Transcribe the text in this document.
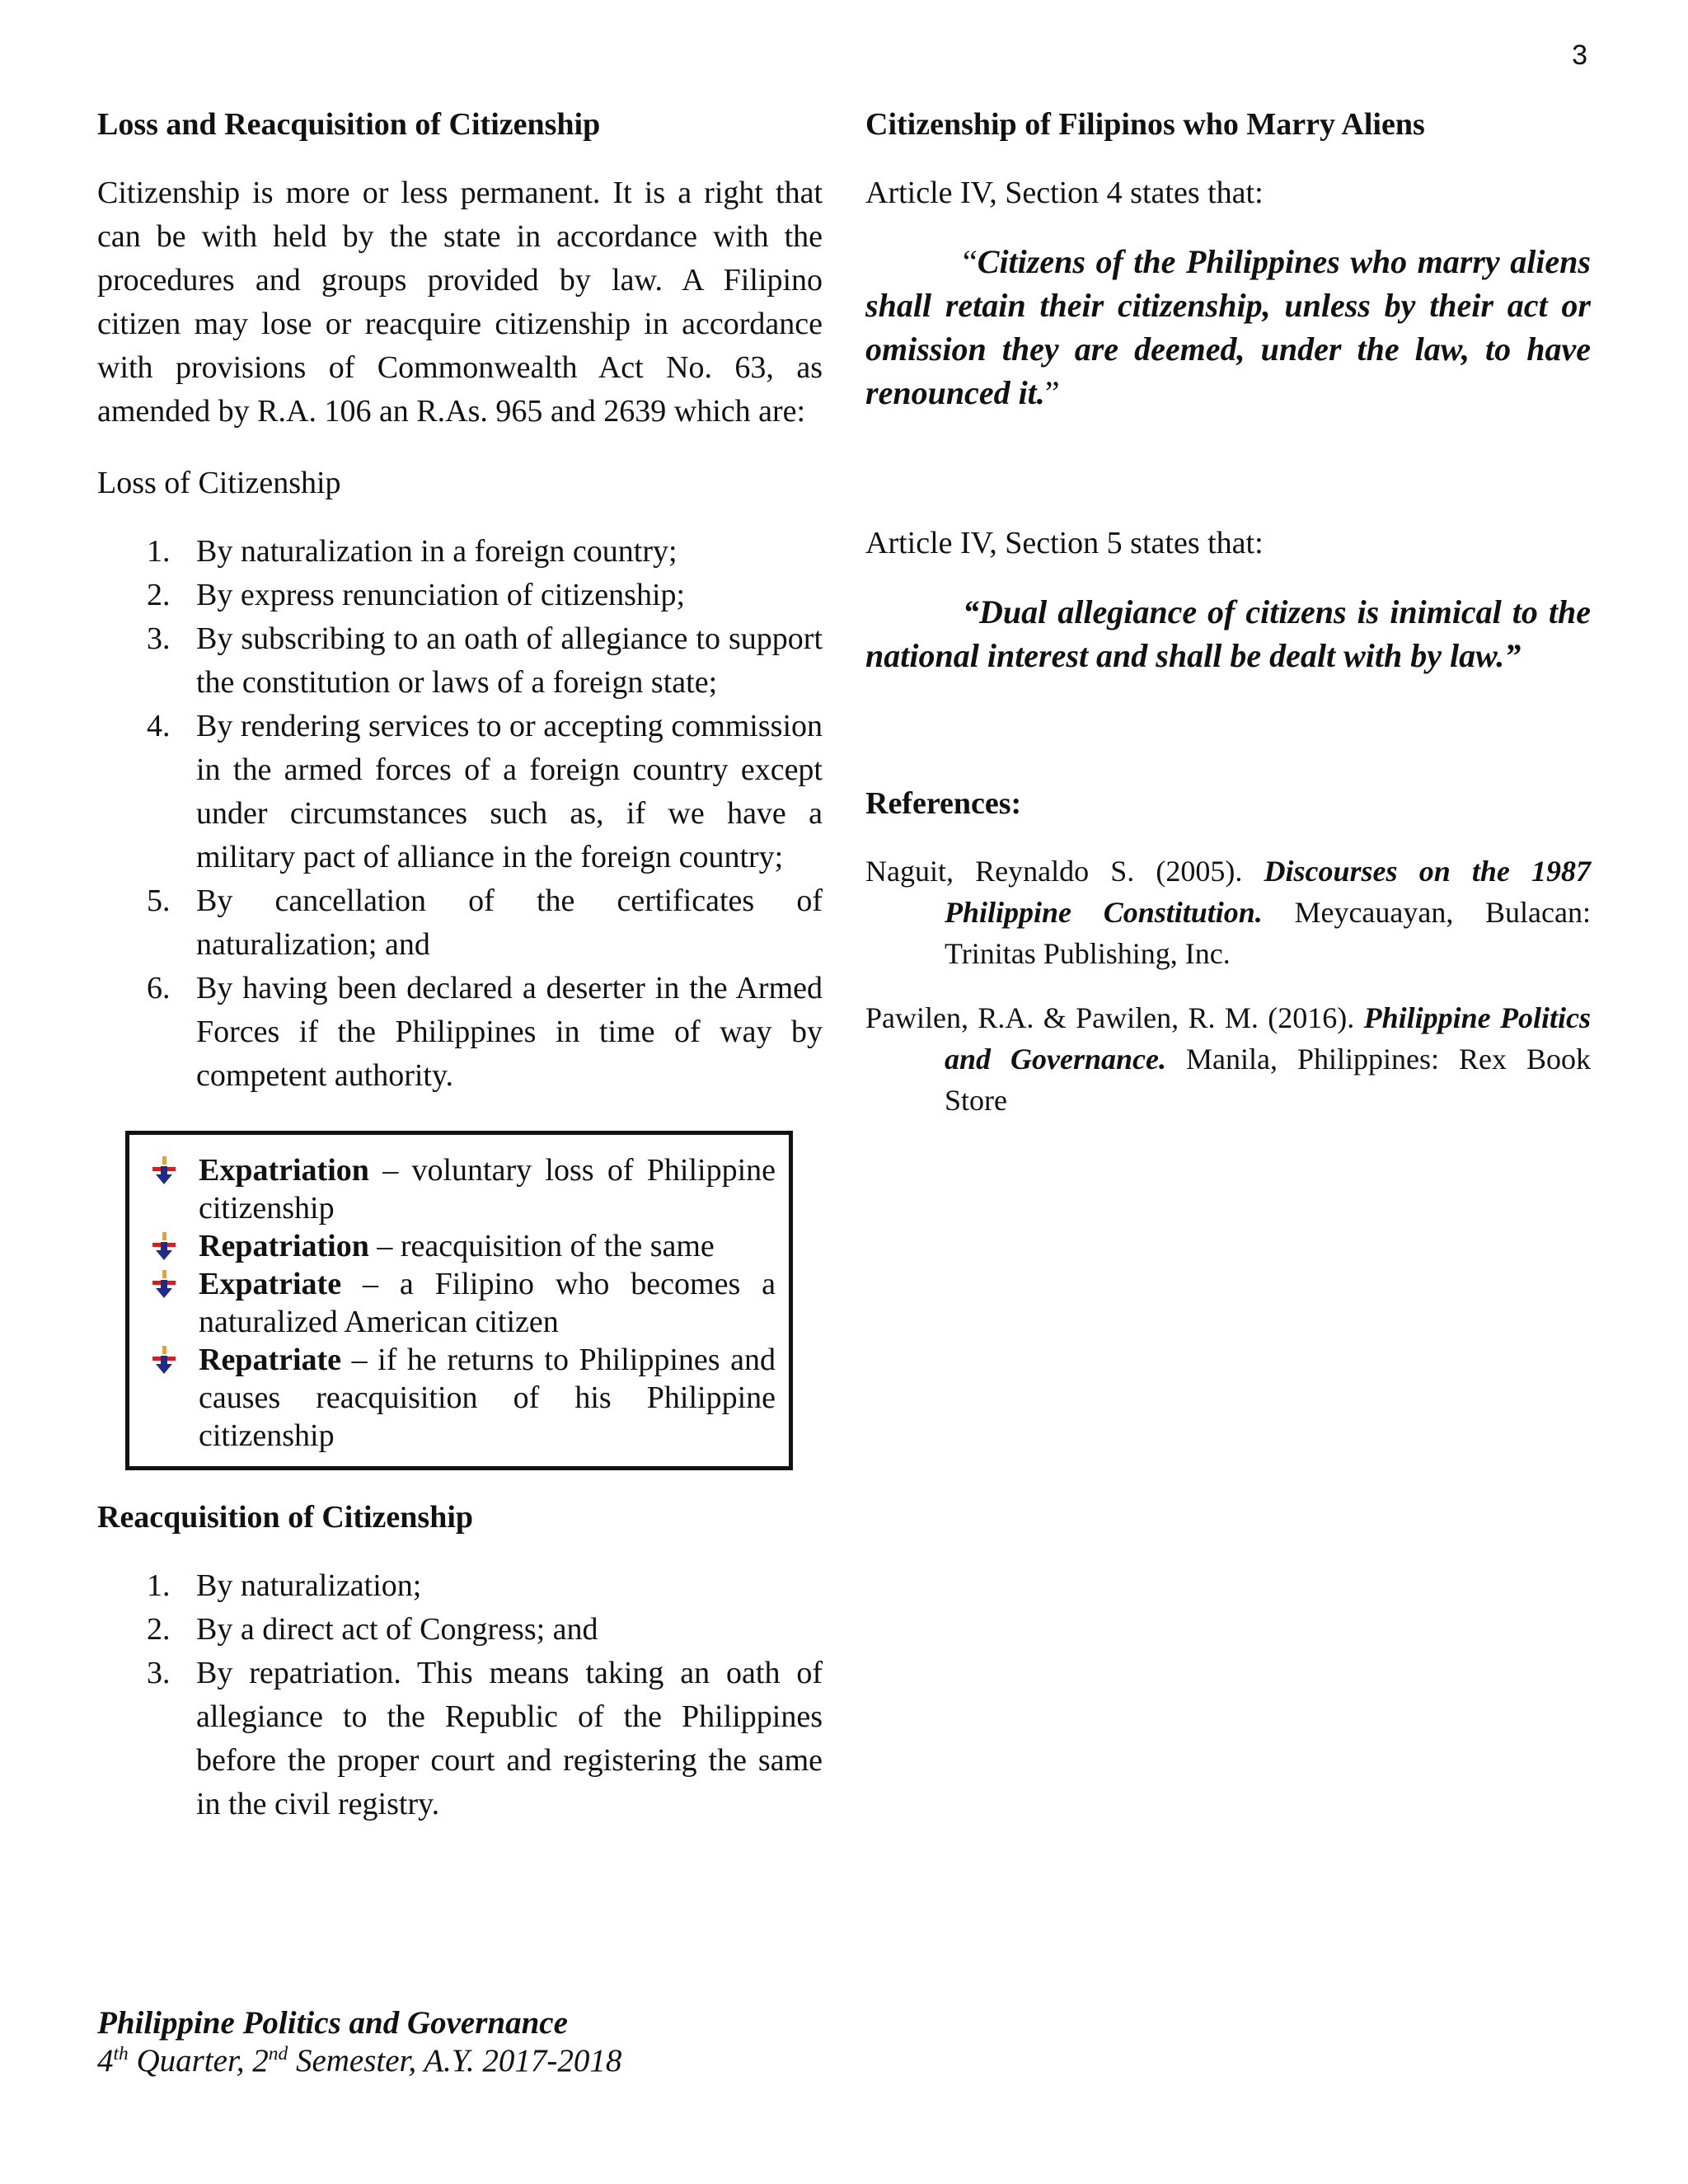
3
Loss and Reacquisition of Citizenship
Citizenship is more or less permanent. It is a right that can be with held by the state in accordance with the procedures and groups provided by law. A Filipino citizen may lose or reacquire citizenship in accordance with provisions of Commonwealth Act No. 63, as amended by R.A. 106 an R.As. 965 and 2639 which are:
Loss of Citizenship
1. By naturalization in a foreign country;
2. By express renunciation of citizenship;
3. By subscribing to an oath of allegiance to support the constitution or laws of a foreign state;
4. By rendering services to or accepting commission in the armed forces of a foreign country except under circumstances such as, if we have a military pact of alliance in the foreign country;
5. By cancellation of the certificates of naturalization; and
6. By having been declared a deserter in the Armed Forces if the Philippines in time of way by competent authority.
Expatriation – voluntary loss of Philippine citizenship
Repatriation – reacquisition of the same
Expatriate – a Filipino who becomes a naturalized American citizen
Repatriate – if he returns to Philippines and causes reacquisition of his Philippine citizenship
Reacquisition of Citizenship
1. By naturalization;
2. By a direct act of Congress; and
3. By repatriation. This means taking an oath of allegiance to the Republic of the Philippines before the proper court and registering the same in the civil registry.
Citizenship of Filipinos who Marry Aliens
Article IV, Section 4 states that:
“Citizens of the Philippines who marry aliens shall retain their citizenship, unless by their act or omission they are deemed, under the law, to have renounced it.”
Article IV, Section 5 states that:
“Dual allegiance of citizens is inimical to the national interest and shall be dealt with by law.”
References:
Naguit, Reynaldo S. (2005). Discourses on the 1987 Philippine Constitution. Meycauayan, Bulacan: Trinitas Publishing, Inc.
Pawilen, R.A. & Pawilen, R. M. (2016). Philippine Politics and Governance. Manila, Philippines: Rex Book Store
Philippine Politics and Governance
4th Quarter, 2nd Semester, A.Y. 2017-2018
